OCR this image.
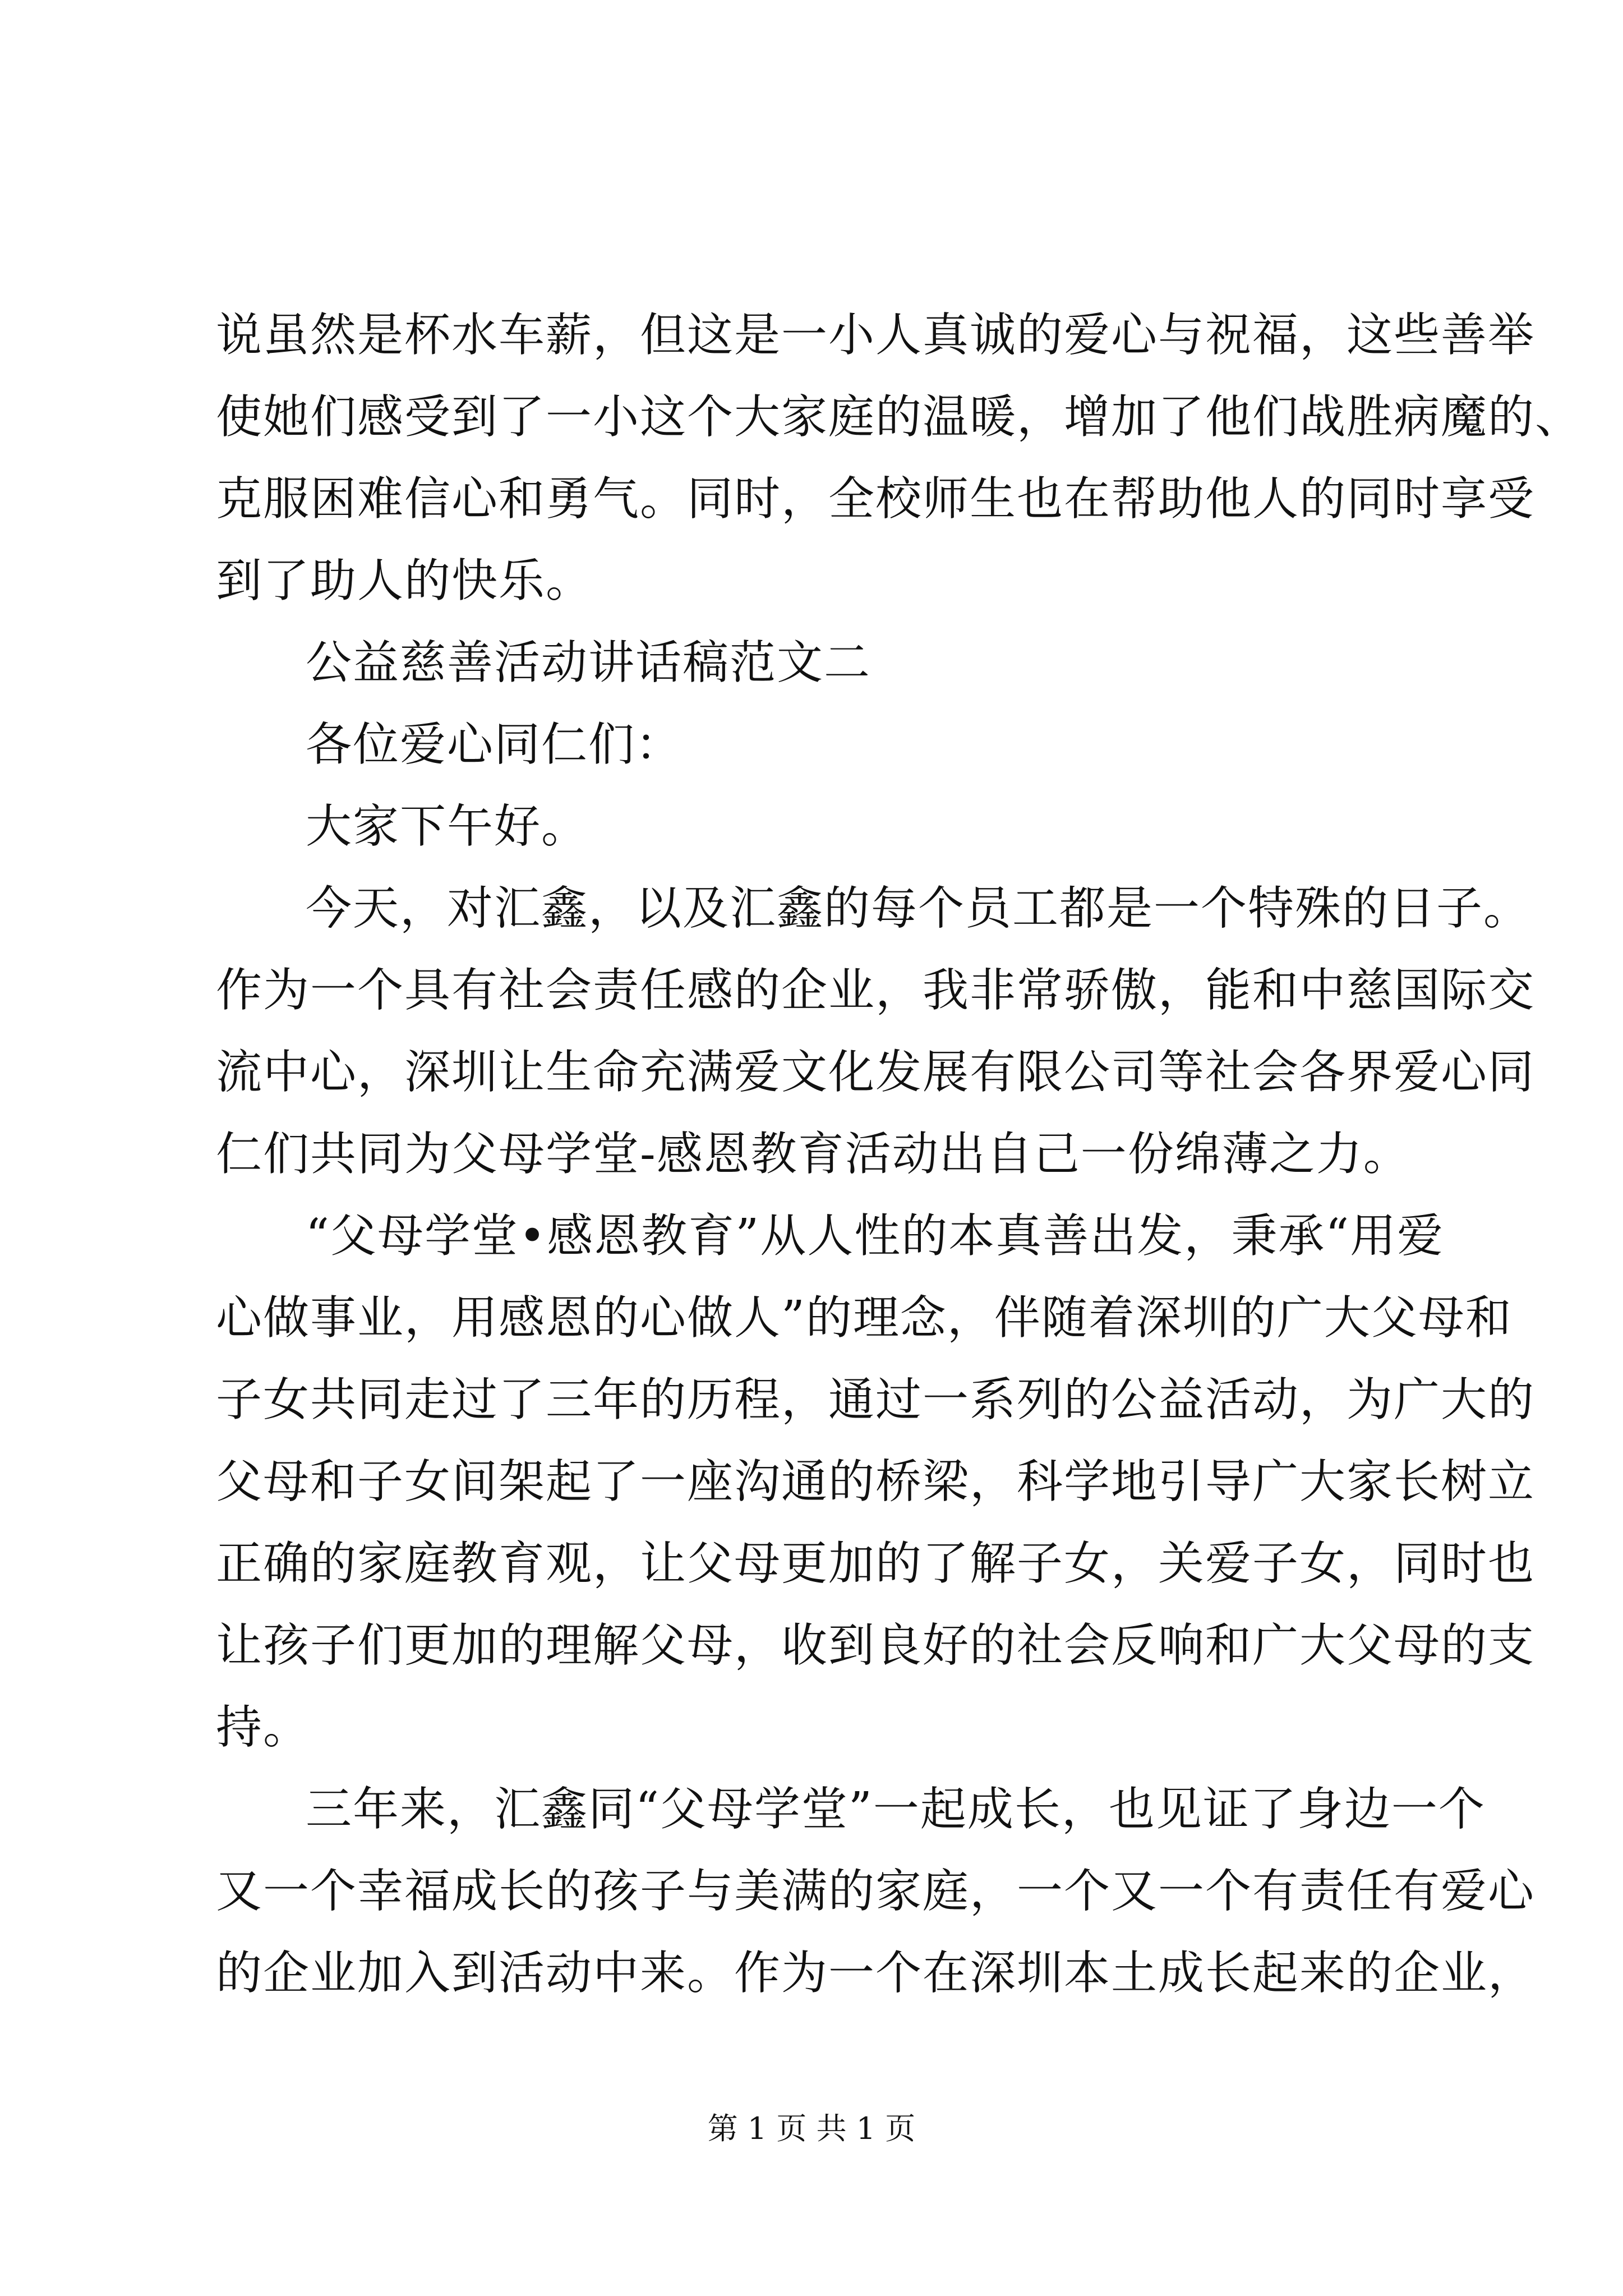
说虽然是杯水车薪，但这是一小人真诚的爱心与祝福，这些善举
使她们感受到了一小这个大家庭的温暖，增加了他们战胜病魔的、
克服困难信心和勇气。同时，全校师生也在帮助他人的同时享受
到了助人的快乐。
公益慈善活动讲话稿范文二
各位爱心同仁们：
大家下午好。
今天，对汇鑫，以及汇鑫的每个员工都是一个特殊的日子。
作为一个具有社会责任感的企业，我非常骄傲，能和中慈国际交
流中心，深圳让生命充满爱文化发展有限公司等社会各界爱心同
仁们共同为父母学堂-感恩教育活动出自己一份绵薄之力。
“父母学堂•感恩教育”从人性的本真善出发，秉承“用爱
心做事业，用感恩的心做人”的理念，伴随着深圳的广大父母和
子女共同走过了三年的历程，通过一系列的公益活动，为广大的
父母和子女间架起了一座沟通的桥梁，科学地引导广大家长树立
正确的家庭教育观，让父母更加的了解子女，关爱子女，同时也
让孩子们更加的理解父母，收到良好的社会反响和广大父母的支
持。
三年来，汇鑫同“父母学堂”一起成长，也见证了身边一个
又一个幸福成长的孩子与美满的家庭，一个又一个有责任有爱心
的企业加入到活动中来。作为一个在深圳本土成长起来的企业，
第 1 页 共 1 页
